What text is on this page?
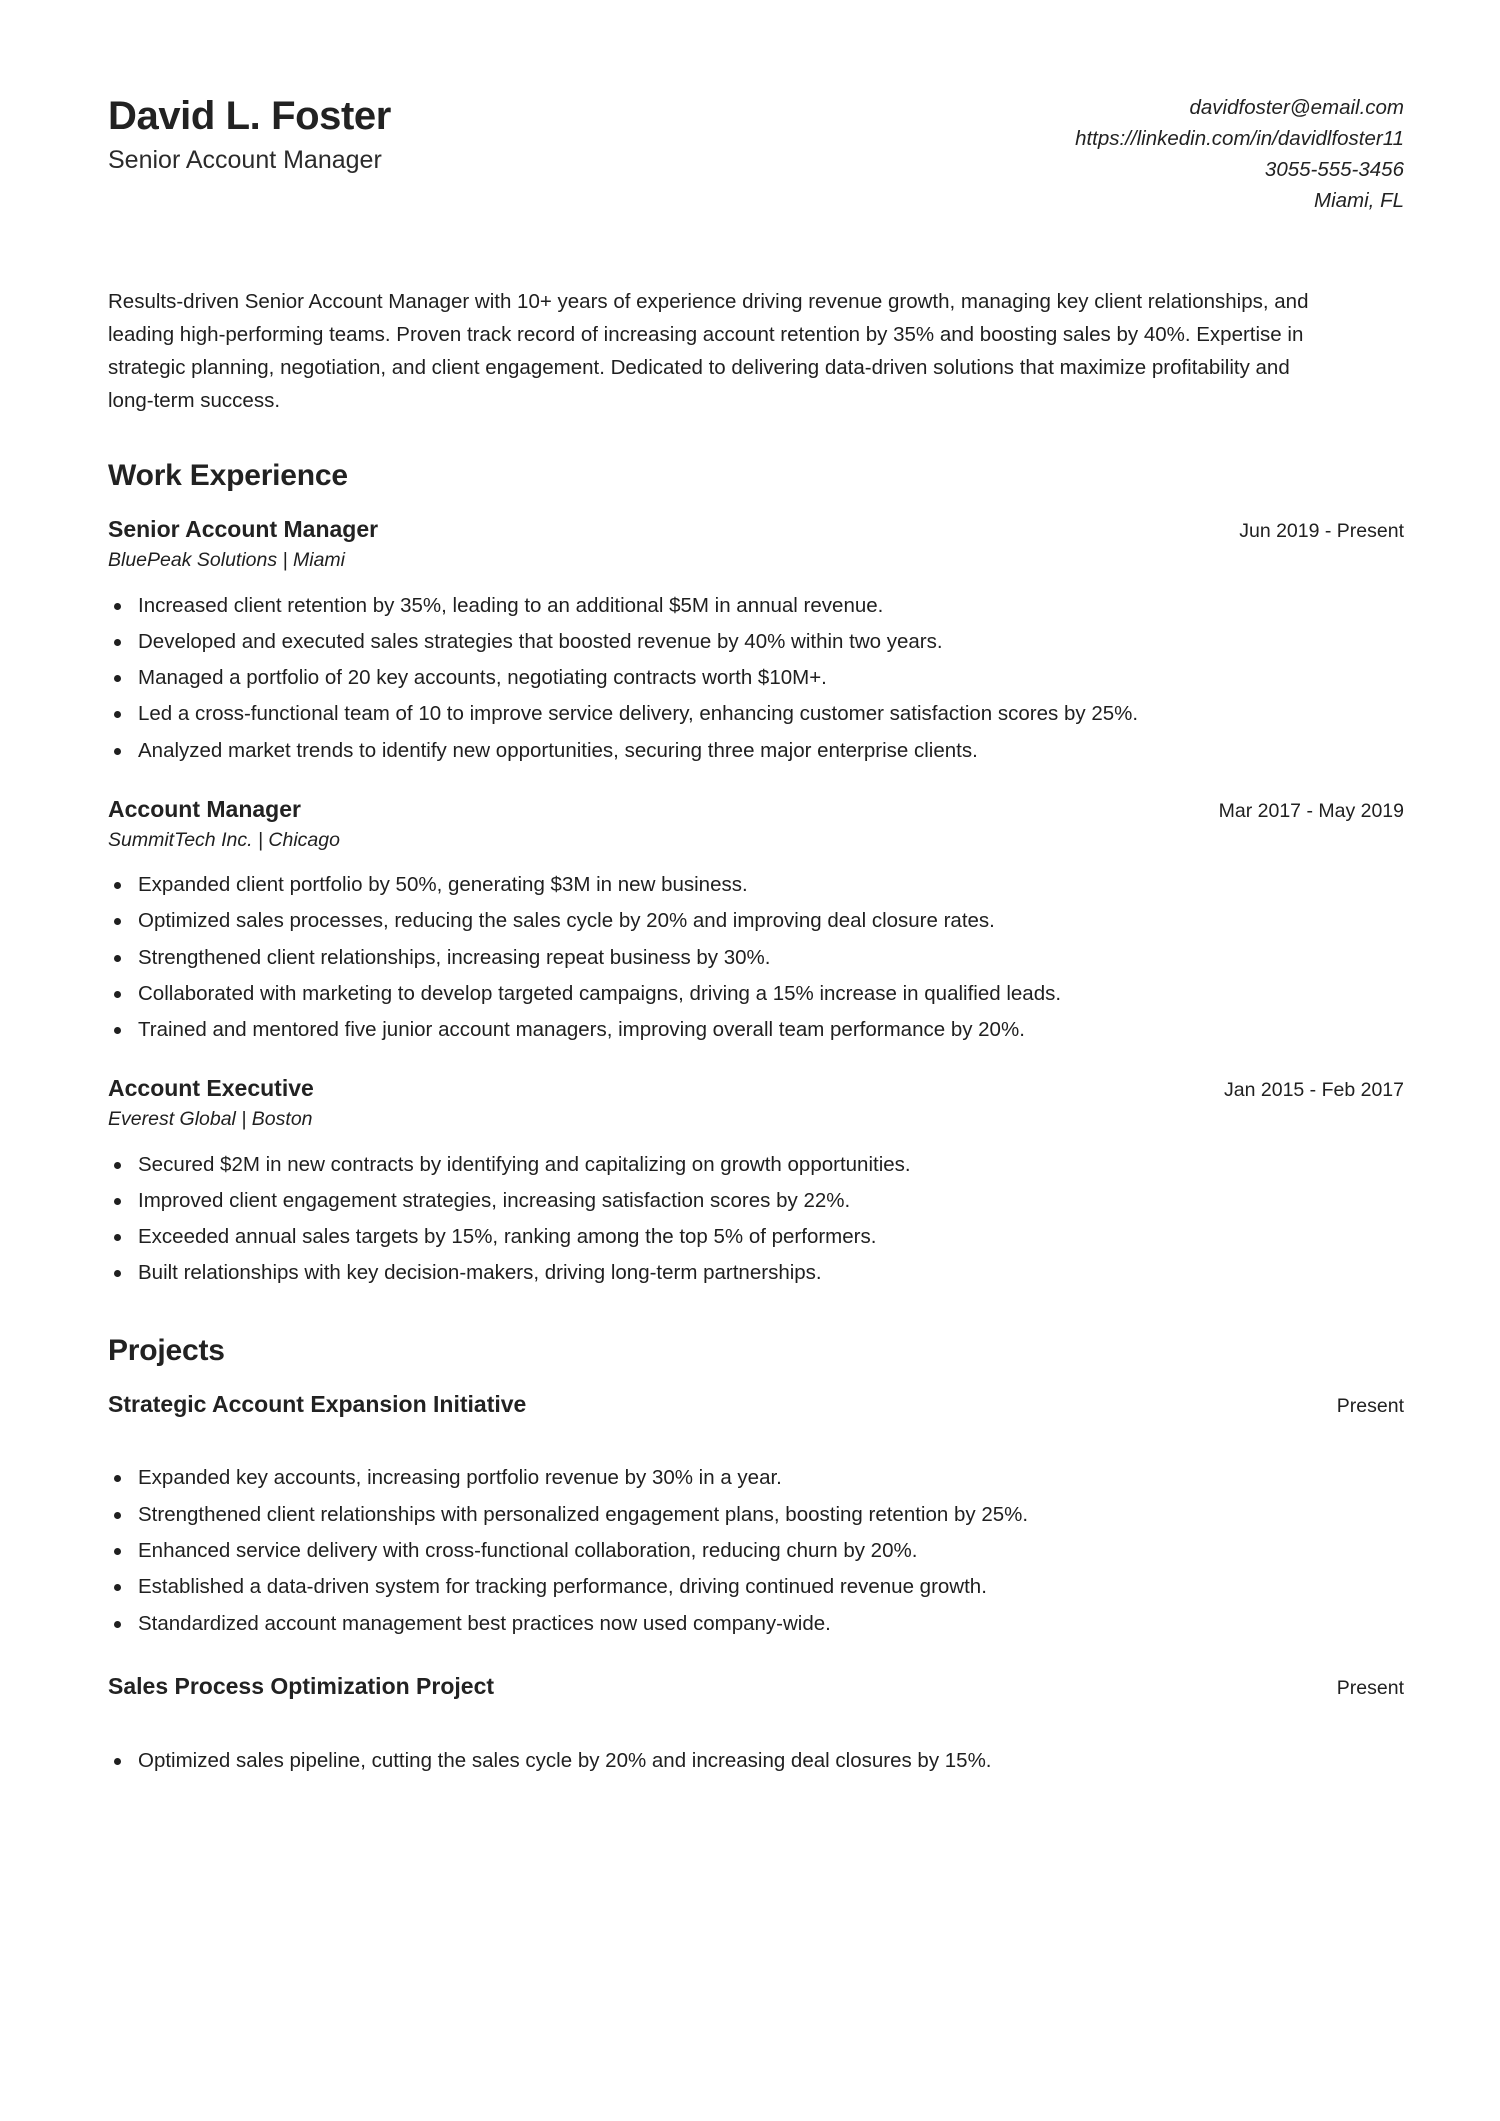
David L. Foster
Senior Account Manager
davidfoster@email.com
https://linkedin.com/in/davidlfoster11
3055-555-3456
Miami, FL
Results-driven Senior Account Manager with 10+ years of experience driving revenue growth, managing key client relationships, and leading high-performing teams. Proven track record of increasing account retention by 35% and boosting sales by 40%. Expertise in strategic planning, negotiation, and client engagement. Dedicated to delivering data-driven solutions that maximize profitability and long-term success.
Work Experience
Senior Account Manager	Jun 2019 - Present
BluePeak Solutions | Miami
Increased client retention by 35%, leading to an additional $5M in annual revenue.
Developed and executed sales strategies that boosted revenue by 40% within two years.
Managed a portfolio of 20 key accounts, negotiating contracts worth $10M+.
Led a cross-functional team of 10 to improve service delivery, enhancing customer satisfaction scores by 25%.
Analyzed market trends to identify new opportunities, securing three major enterprise clients.
Account Manager	Mar 2017 - May 2019
SummitTech Inc. | Chicago
Expanded client portfolio by 50%, generating $3M in new business.
Optimized sales processes, reducing the sales cycle by 20% and improving deal closure rates.
Strengthened client relationships, increasing repeat business by 30%.
Collaborated with marketing to develop targeted campaigns, driving a 15% increase in qualified leads.
Trained and mentored five junior account managers, improving overall team performance by 20%.
Account Executive	Jan 2015 - Feb 2017
Everest Global | Boston
Secured $2M in new contracts by identifying and capitalizing on growth opportunities.
Improved client engagement strategies, increasing satisfaction scores by 22%.
Exceeded annual sales targets by 15%, ranking among the top 5% of performers.
Built relationships with key decision-makers, driving long-term partnerships.
Projects
Strategic Account Expansion Initiative	Present
Expanded key accounts, increasing portfolio revenue by 30% in a year.
Strengthened client relationships with personalized engagement plans, boosting retention by 25%.
Enhanced service delivery with cross-functional collaboration, reducing churn by 20%.
Established a data-driven system for tracking performance, driving continued revenue growth.
Standardized account management best practices now used company-wide.
Sales Process Optimization Project	Present
Optimized sales pipeline, cutting the sales cycle by 20% and increasing deal closures by 15%.
